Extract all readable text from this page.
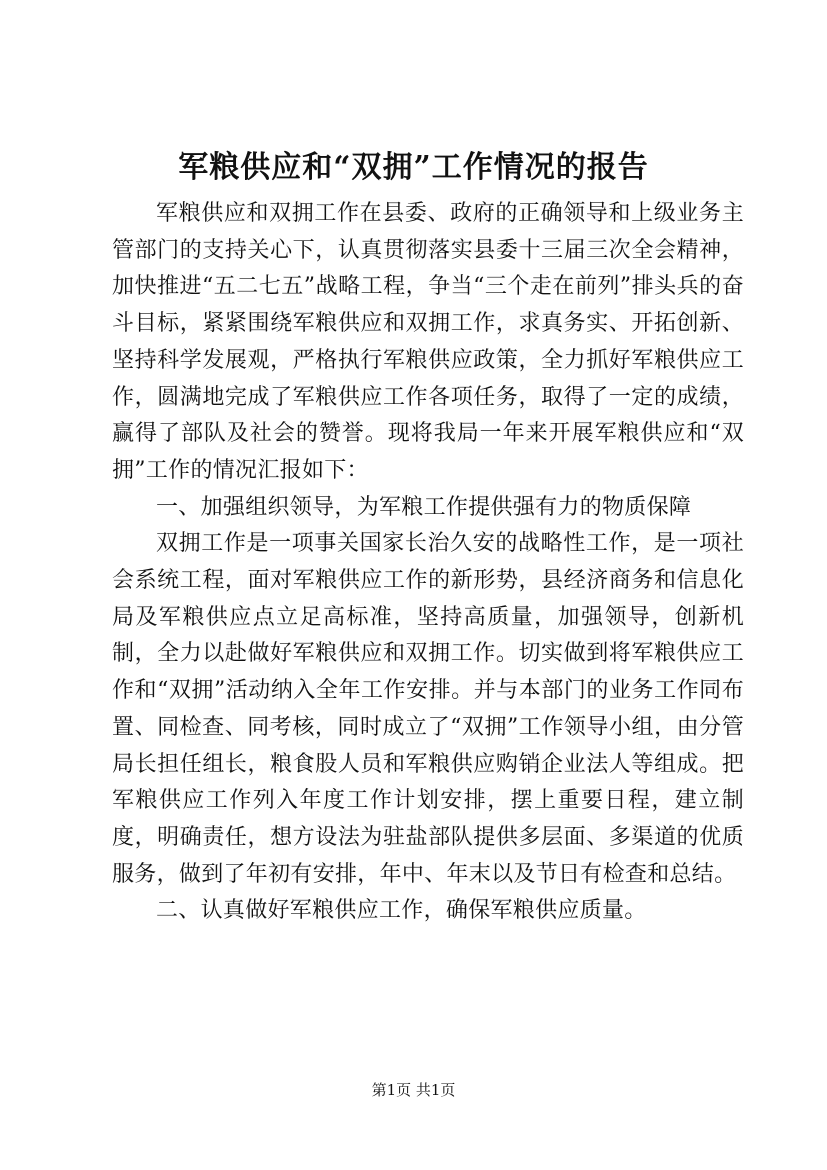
军粮供应和“双拥”工作情况的报告

军粮供应和双拥工作在县委、政府的正确领导和上级业务主管部门的支持关心下，认真贯彻落实县委十三届三次全会精神，加快推进“五二七五”战略工程，争当“三个走在前列”排头兵的奋斗目标，紧紧围绕军粮供应和双拥工作，求真务实、开拓创新、坚持科学发展观，严格执行军粮供应政策，全力抓好军粮供应工作，圆满地完成了军粮供应工作各项任务，取得了一定的成绩，赢得了部队及社会的赞誉。现将我局一年来开展军粮供应和“双拥”工作的情况汇报如下：

一、加强组织领导，为军粮工作提供强有力的物质保障

双拥工作是一项事关国家长治久安的战略性工作，是一项社会系统工程，面对军粮供应工作的新形势，县经济商务和信息化局及军粮供应点立足高标准，坚持高质量，加强领导，创新机制，全力以赴做好军粮供应和双拥工作。切实做到将军粮供应工作和“双拥”活动纳入全年工作安排。并与本部门的业务工作同布置、同检查、同考核，同时成立了“双拥”工作领导小组，由分管局长担任组长，粮食股人员和军粮供应购销企业法人等组成。把军粮供应工作列入年度工作计划安排，摆上重要日程，建立制度，明确责任，想方设法为驻盐部队提供多层面、多渠道的优质服务，做到了年初有安排，年中、年末以及节日有检查和总结。

二、认真做好军粮供应工作，确保军粮供应质量。

第1页 共1页
